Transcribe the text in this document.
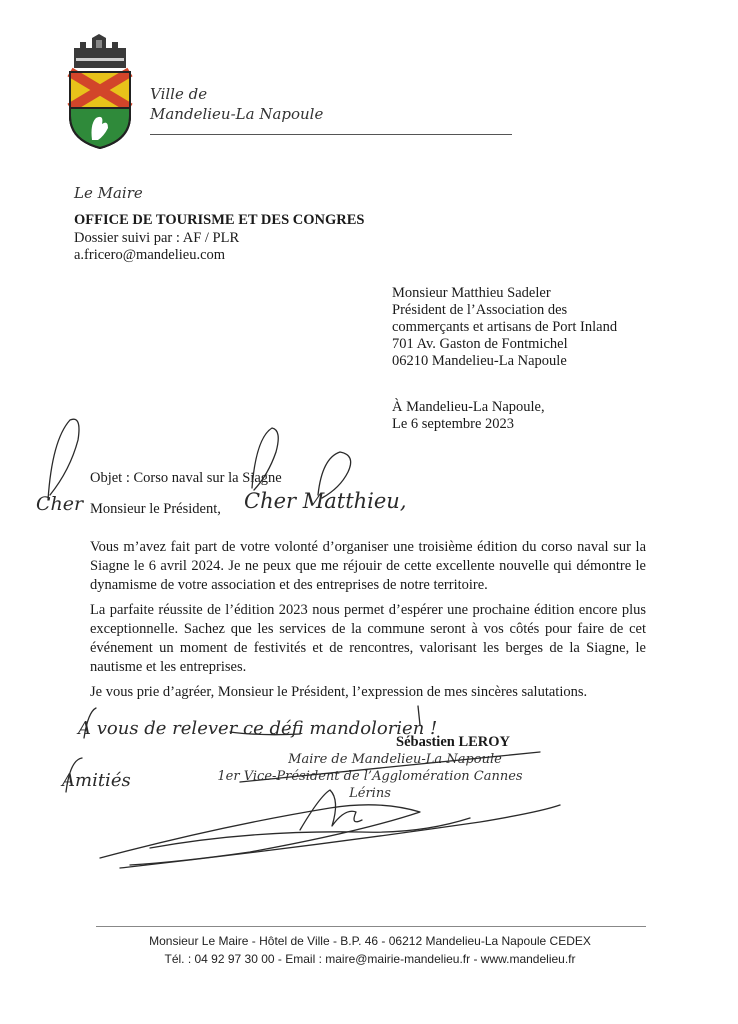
Ville de
Mandelieu-La Napoule
Le Maire
OFFICE DE TOURISME ET DES CONGRES
Dossier suivi par : AF / PLR
a.fricero@mandelieu.com
Monsieur Matthieu Sadeler
Président de l’Association des
commerçants et artisans de Port Inland
701 Av. Gaston de Fontmichel
06210 Mandelieu-La Napoule
À Mandelieu-La Napoule,
Le 6 septembre 2023
Objet : Corso naval sur la Siagne
Monsieur le Président,
Vous m’avez fait part de votre volonté d’organiser une troisième édition du corso naval sur la Siagne le 6 avril 2024. Je ne peux que me réjouir de cette excellente nouvelle qui démontre le dynamisme de votre association et des entreprises de notre territoire.
La parfaite réussite de l’édition 2023 nous permet d’espérer une prochaine édition encore plus exceptionnelle. Sachez que les services de la commune seront à vos côtés pour faire de cet événement un moment de festivités et de rencontres, valorisant les berges de la Siagne, le nautisme et les entreprises.
Je vous prie d’agréer, Monsieur le Président, l’expression de mes sincères salutations.
Sébastien LEROY
Maire de Mandelieu-La Napoule
1er Vice-Président de l’Agglomération Cannes Lérins
Cher	Cher Matthieu,
A vous de relever ce défi mandolorien !
Amitiés
Monsieur Le Maire - Hôtel de Ville - B.P. 46 - 06212 Mandelieu-La Napoule CEDEX
Tél. : 04 92 97 30 00 - Email : maire@mairie-mandelieu.fr - www.mandelieu.fr
